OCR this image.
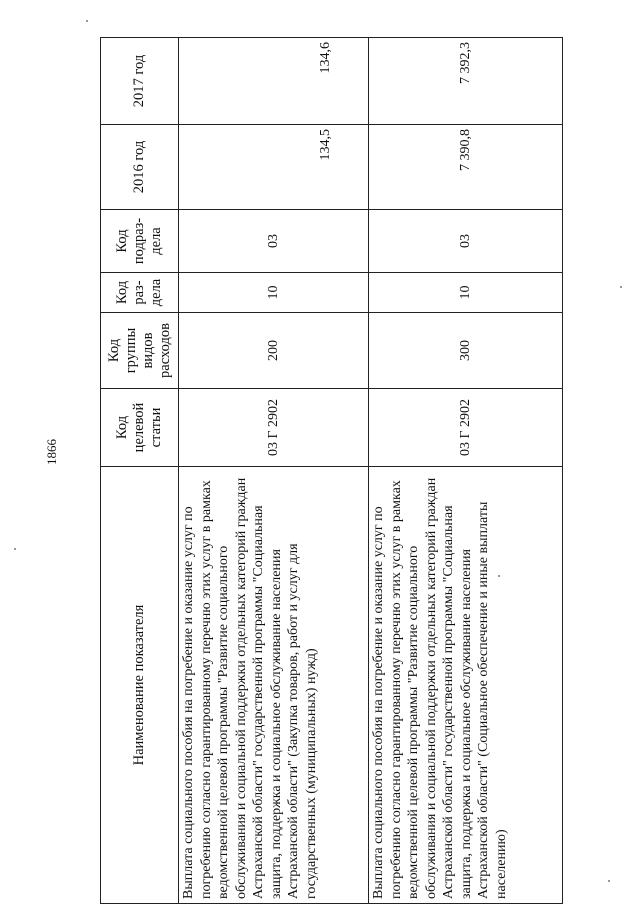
1866
Наименование показателя	Код целевой статьи	Код группы видов расходов	Код раз-дела	Код подраз-дела	2016 год	2017 год
Выплата социального пособия на погребение и оказание услуг по погребению согласно гарантированному перечню этих услуг в рамках ведомственной целевой программы "Развитие социального обслуживания и социальной поддержки отдельных категорий граждан Астраханской области" государственной программы "Социальная защита, поддержка и социальное обслуживание населения Астраханской области" (Закупка товаров, работ и услуг для государственных (муниципальных) нужд)	03 Г 2902	200	10	03	134,5	134,6
Выплата социального пособия на погребение и оказание услуг по погребению согласно гарантированному перечню этих услуг в рамках ведомственной целевой программы "Развитие социального обслуживания и социальной поддержки отдельных категорий граждан Астраханской области" государственной программы "Социальная защита, поддержка и социальное обслуживание населения Астраханской области" (Социальное обеспечение и иные выплаты населению)	03 Г 2902	300	10	03	7 390,8	7 392,3
